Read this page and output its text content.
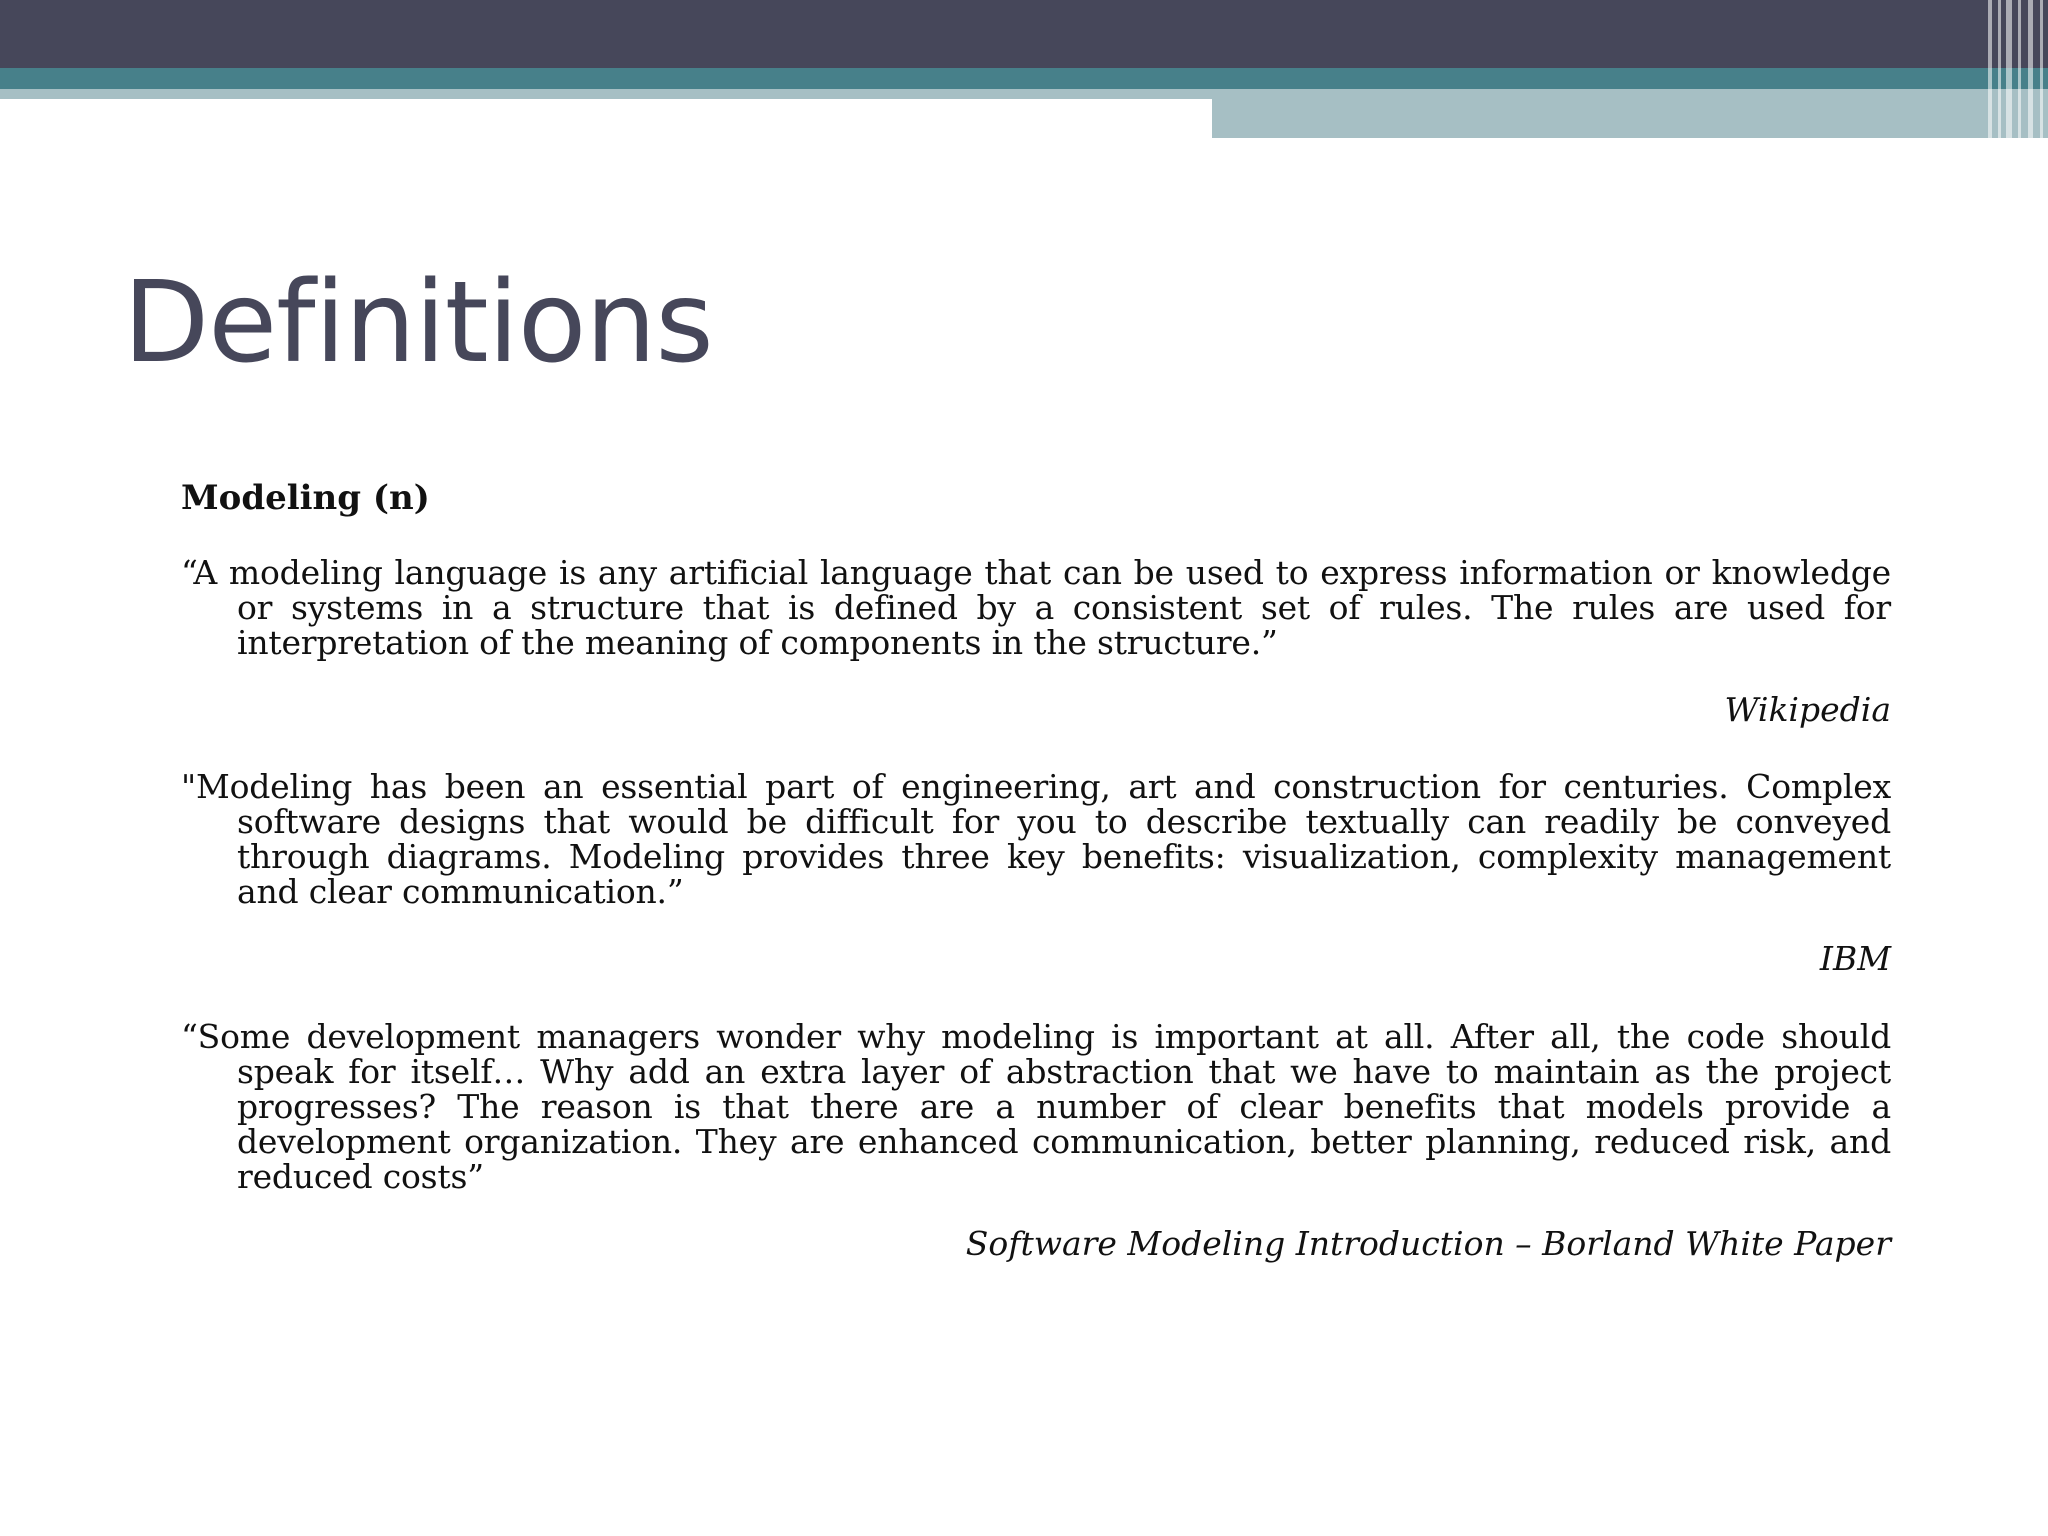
Definitions

Modeling (n)

“A modeling language is any artificial language that can be used to express information or knowledge or systems in a structure that is defined by a consistent set of rules. The rules are used for interpretation of the meaning of components in the structure.”

Wikipedia

"Modeling has been an essential part of engineering, art and construction for centuries. Complex software designs that would be difficult for you to describe textually can readily be conveyed through diagrams. Modeling provides three key benefits: visualization, complexity management and clear communication.”

IBM

“Some development managers wonder why modeling is important at all. After all, the code should speak for itself… Why add an extra layer of abstraction that we have to maintain as the project progresses? The reason is that there are a number of clear benefits that models provide a development organization. They are enhanced communication, better planning, reduced risk, and reduced costs”

Software Modeling Introduction – Borland White Paper
